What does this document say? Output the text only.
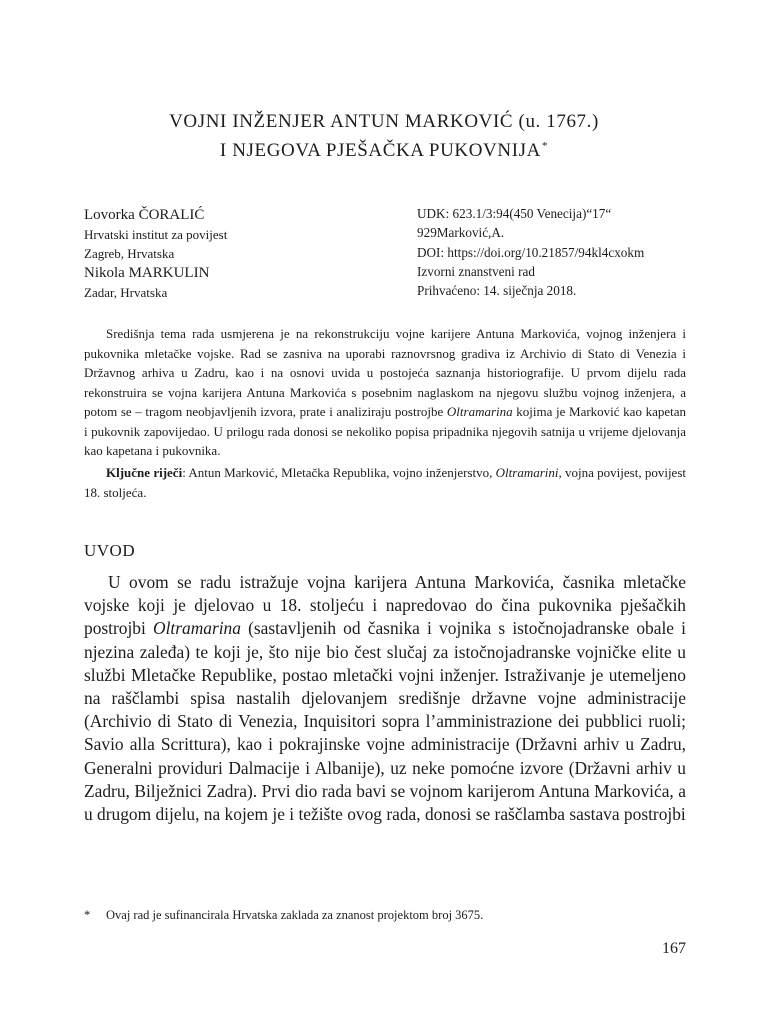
VOJNI INŽENJER ANTUN MARKOVIĆ (u. 1767.)
I NJEGOVA PJEŠAČKA PUKOVNIJA*
Lovorka ČORALIĆ
Hrvatski institut za povijest
Zagreb, Hrvatska
Nikola MARKULIN
Zadar, Hrvatska
UDK: 623.1/3:94(450 Venecija)“17“
929Marković,A.
DOI: https://doi.org/10.21857/94kl4cxokm
Izvorni znanstveni rad
Prihvaćeno: 14. siječnja 2018.

Središnja tema rada usmjerena je na rekonstrukciju vojne karijere Antuna Markovića, vojnog inženjera i pukovnika mletačke vojske. Rad se zasniva na uporabi raznovrsnog gradiva iz Archivio di Stato di Venezia i Državnog arhiva u Zadru, kao i na osnovi uvida u postojeća saznanja historiografije. U prvom dijelu rada rekonstruira se vojna karijera Antuna Markovića s posebnim naglaskom na njegovu službu vojnog inženjera, a potom se – tragom neobjavljenih izvora, prate i analiziraju postrojbe Oltramarina kojima je Marković kao kapetan i pukovnik zapovijedao. U prilogu rada donosi se nekoliko popisa pripadnika njegovih satnija u vrijeme djelovanja kao kapetana i pukovnika.

Ključne riječi: Antun Marković, Mletačka Republika, vojno inženjerstvo, Oltramarini, vojna povijest, povijest 18. stoljeća.
UVOD

U ovom se radu istražuje vojna karijera Antuna Markovića, časnika mletačke vojske koji je djelovao u 18. stoljeću i napredovao do čina pukovnika pješačkih postrojbi Oltramarina (sastavljenih od časnika i vojnika s istočnojadranske obale i njezina zaleđa) te koji je, što nije bio čest slučaj za istočnojadranske vojničke elite u službi Mletačke Republike, postao mletački vojni inženjer. Istraživanje je utemeljeno na raščlambi spisa nastalih djelovanjem središnje državne vojne administracije (Archivio di Stato di Venezia, Inquisitori sopra l’amministrazione dei pubblici ruoli; Savio alla Scrittura), kao i pokrajinske vojne administracije (Državni arhiv u Zadru, Generalni providuri Dalmacije i Albanije), uz neke pomoćne izvore (Državni arhiv u Zadru, Bilježnici Zadra). Prvi dio rada bavi se vojnom karijerom Antuna Markovića, a u drugom dijelu, na kojem je i težište ovog rada, donosi se raščlamba sastava postrojbi

* Ovaj rad je sufinancirala Hrvatska zaklada za znanost projektom broj 3675.
167
